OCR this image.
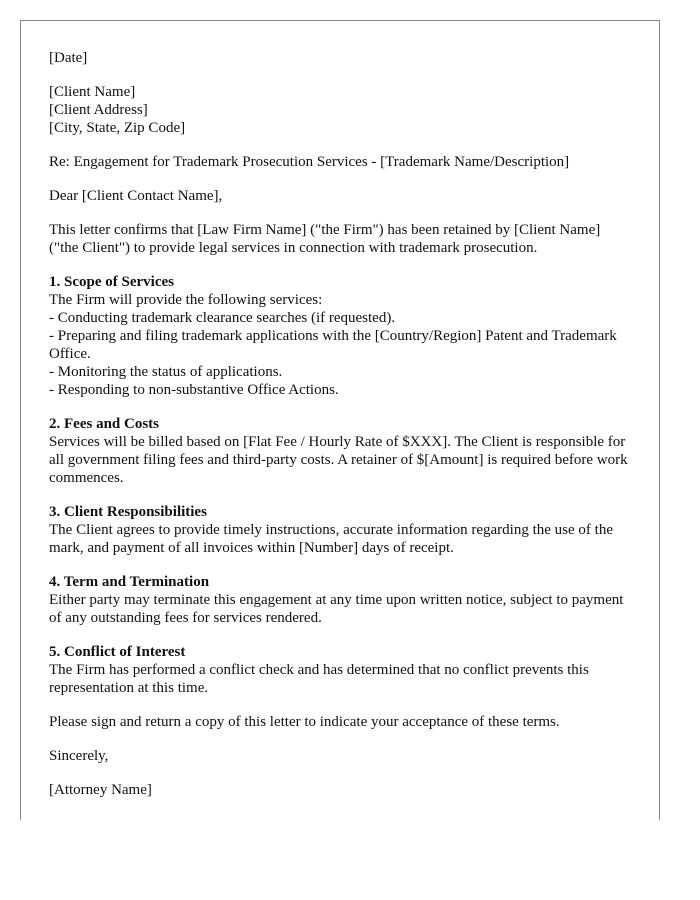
[Date]
[Client Name]
[Client Address]
[City, State, Zip Code]
Re: Engagement for Trademark Prosecution Services - [Trademark Name/Description]
Dear [Client Contact Name],

This letter confirms that [Law Firm Name] ("the Firm") has been retained by [Client Name] ("the Client") to provide legal services in connection with trademark prosecution.

1. Scope of Services
The Firm will provide the following services:
- Conducting trademark clearance searches (if requested).
- Preparing and filing trademark applications with the [Country/Region] Patent and Trademark Office.
- Monitoring the status of applications.
- Responding to non-substantive Office Actions.
2. Fees and Costs

Services will be billed based on [Flat Fee / Hourly Rate of $XXX]. The Client is responsible for all government filing fees and third-party costs. A retainer of $[Amount] is required before work commences.

3. Client Responsibilities

The Client agrees to provide timely instructions, accurate information regarding the use of the mark, and payment of all invoices within [Number] days of receipt.

4. Term and Termination

Either party may terminate this engagement at any time upon written notice, subject to payment of any outstanding fees for services rendered.

5. Conflict of Interest

The Firm has performed a conflict check and has determined that no conflict prevents this representation at this time.

Please sign and return a copy of this letter to indicate your acceptance of these terms.

Sincerely,
[Attorney Name]
